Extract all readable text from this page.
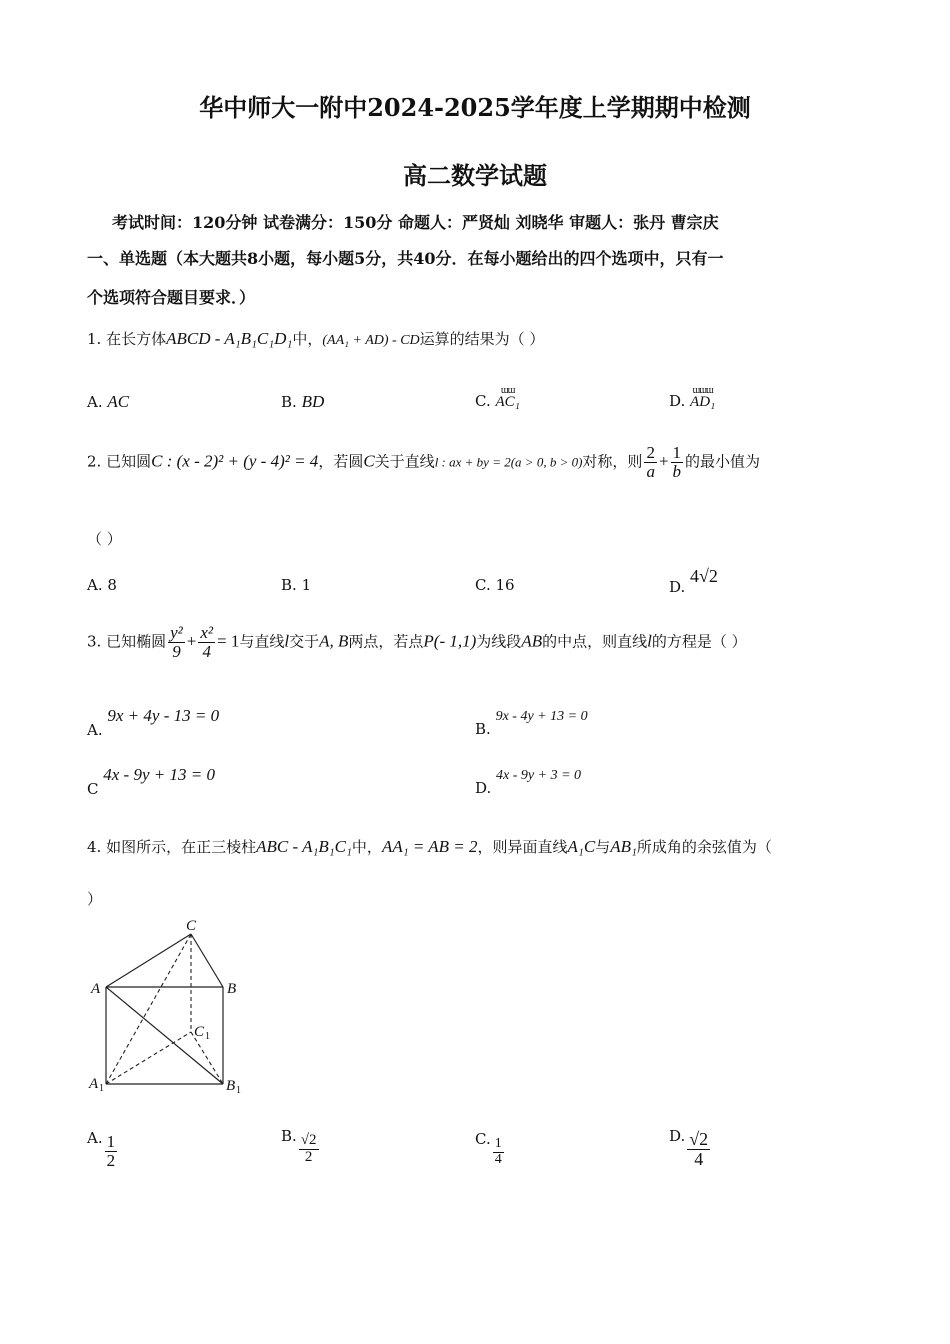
华中师大一附中2024-2025学年度上学期期中检测
高二数学试题
考试时间：120分钟 试卷满分：150分 命题人：严贤灿 刘晓华 审题人：张丹 曹宗庆
一、单选题（本大题共8小题，每小题5分，共40分．在每小题给出的四个选项中，只有一
个选项符合题目要求．）
1. 在长方体ABCD - A₁B₁C₁D₁中，(AA₁ + AD) - CD运算的结果为（ ）
A. AC	B. BD	C.
ɯɯ
AC₁	D.
ɯɯɯ
AD₁
2. 已知圆C : (x - 2)² + (y - 4)² = 4，若圆C关于直线l : ax + by = 2(a > 0, b > 0)对称，则 $\frac{2}{a} + \frac{1}{b}$ 的最小值为
（ ）
A. 8	B. 1	C. 16	D. 4√2
3. 已知椭圆 $\frac{\text{y²}}{9} + \frac{\text{x²}}{4} = 1$与直线l交于A, B两点，若点P(- 1,1)为线段AB的中点，则直线l的方程是（ ）
A. 9x + 4y - 13 = 0
B. 9x - 4y + 13 = 0
C 4x - 9y + 13 = 0
D. 4x - 9y + 3 = 0
4. 如图所示，在正三棱柱ABC - A₁B₁C₁中，AA₁ = AB = 2，则异面直线A₁C与AB₁所成角的余弦值为（
）
C
A	B
C
A	B
1
1	1
A. $\frac{1}{2}$	B. $\frac{√2}{2}$	C. $\frac{1}{4}$
D. $\frac{√2}{4}$
